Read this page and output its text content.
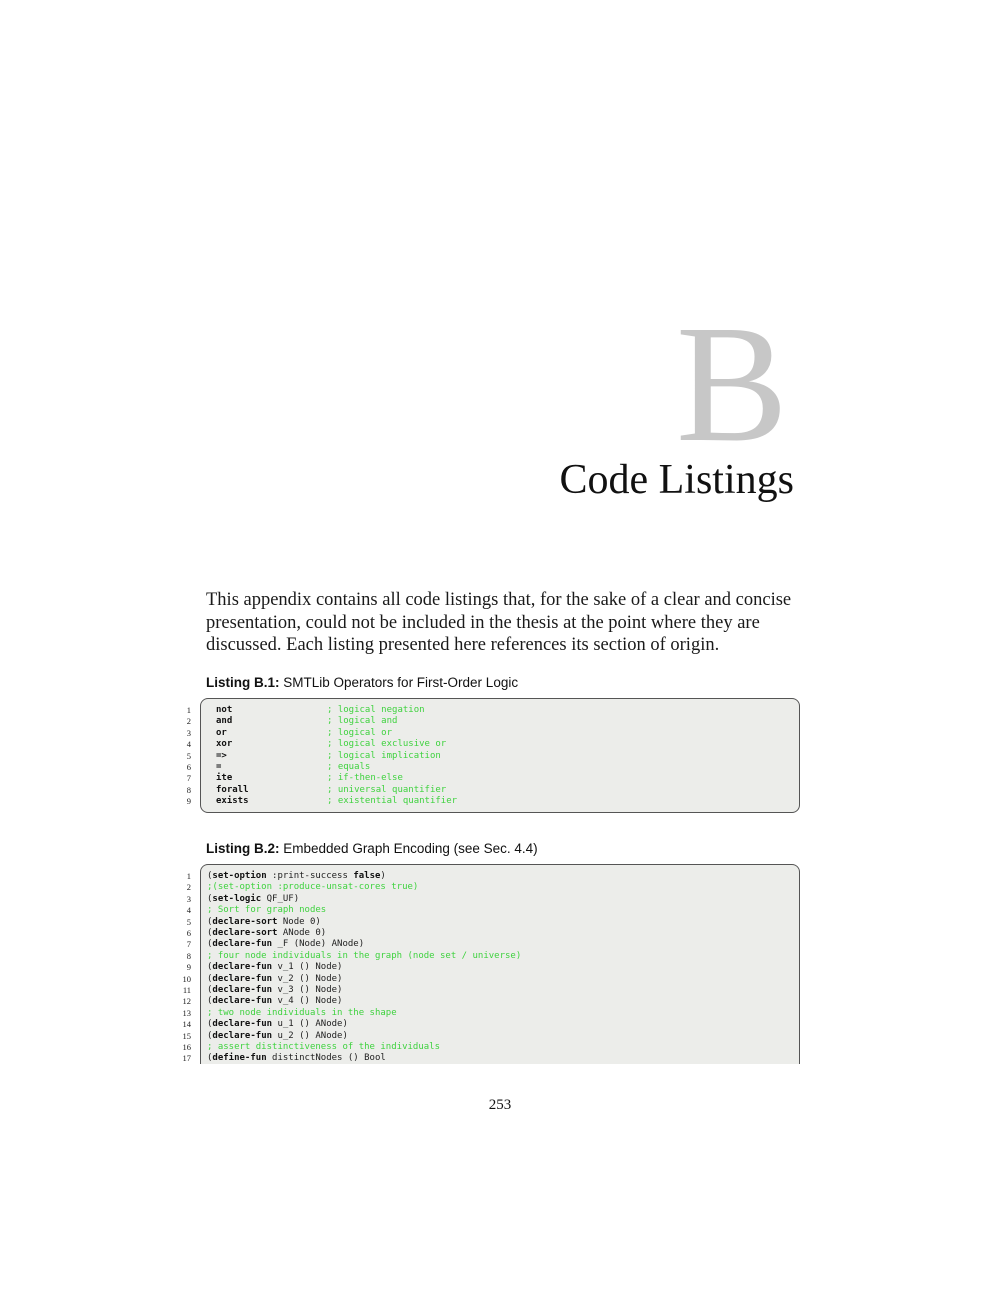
B
Code Listings

This appendix contains all code listings that, for the sake of a clear and concise presentation, could not be included in the thesis at the point where they are discussed. Each listing presented here references its section of origin.

Listing B.1: SMTLib Operators for First-Order Logic
1	not	; logical negation
2	and	; logical and
3	or	; logical or
4	xor	; logical exclusive or
5	=>	; logical implication
6	=	; equals
7	ite	; if-then-else
8	forall	; universal quantifier
9	exists	; existential quantifier
Listing B.2: Embedded Graph Encoding (see Sec. 4.4)
1 (set-option :print-success false)
2 ;(set-option :produce-unsat-cores true)
3 (set-logic QF_UF)
4 ; Sort for graph nodes
5 (declare-sort Node 0)
6 (declare-sort ANode 0)
7 (declare-fun _F (Node) ANode)
8 ; four node individuals in the graph (node set / universe)
9 (declare-fun v_1 () Node)
10 (declare-fun v_2 () Node)
11 (declare-fun v_3 () Node)
12 (declare-fun v_4 () Node)
13 ; two node individuals in the shape
14 (declare-fun u_1 () ANode)
15 (declare-fun u_2 () ANode)
16 ; assert distinctiveness of the individuals
17 (define-fun distinctNodes () Bool
253
